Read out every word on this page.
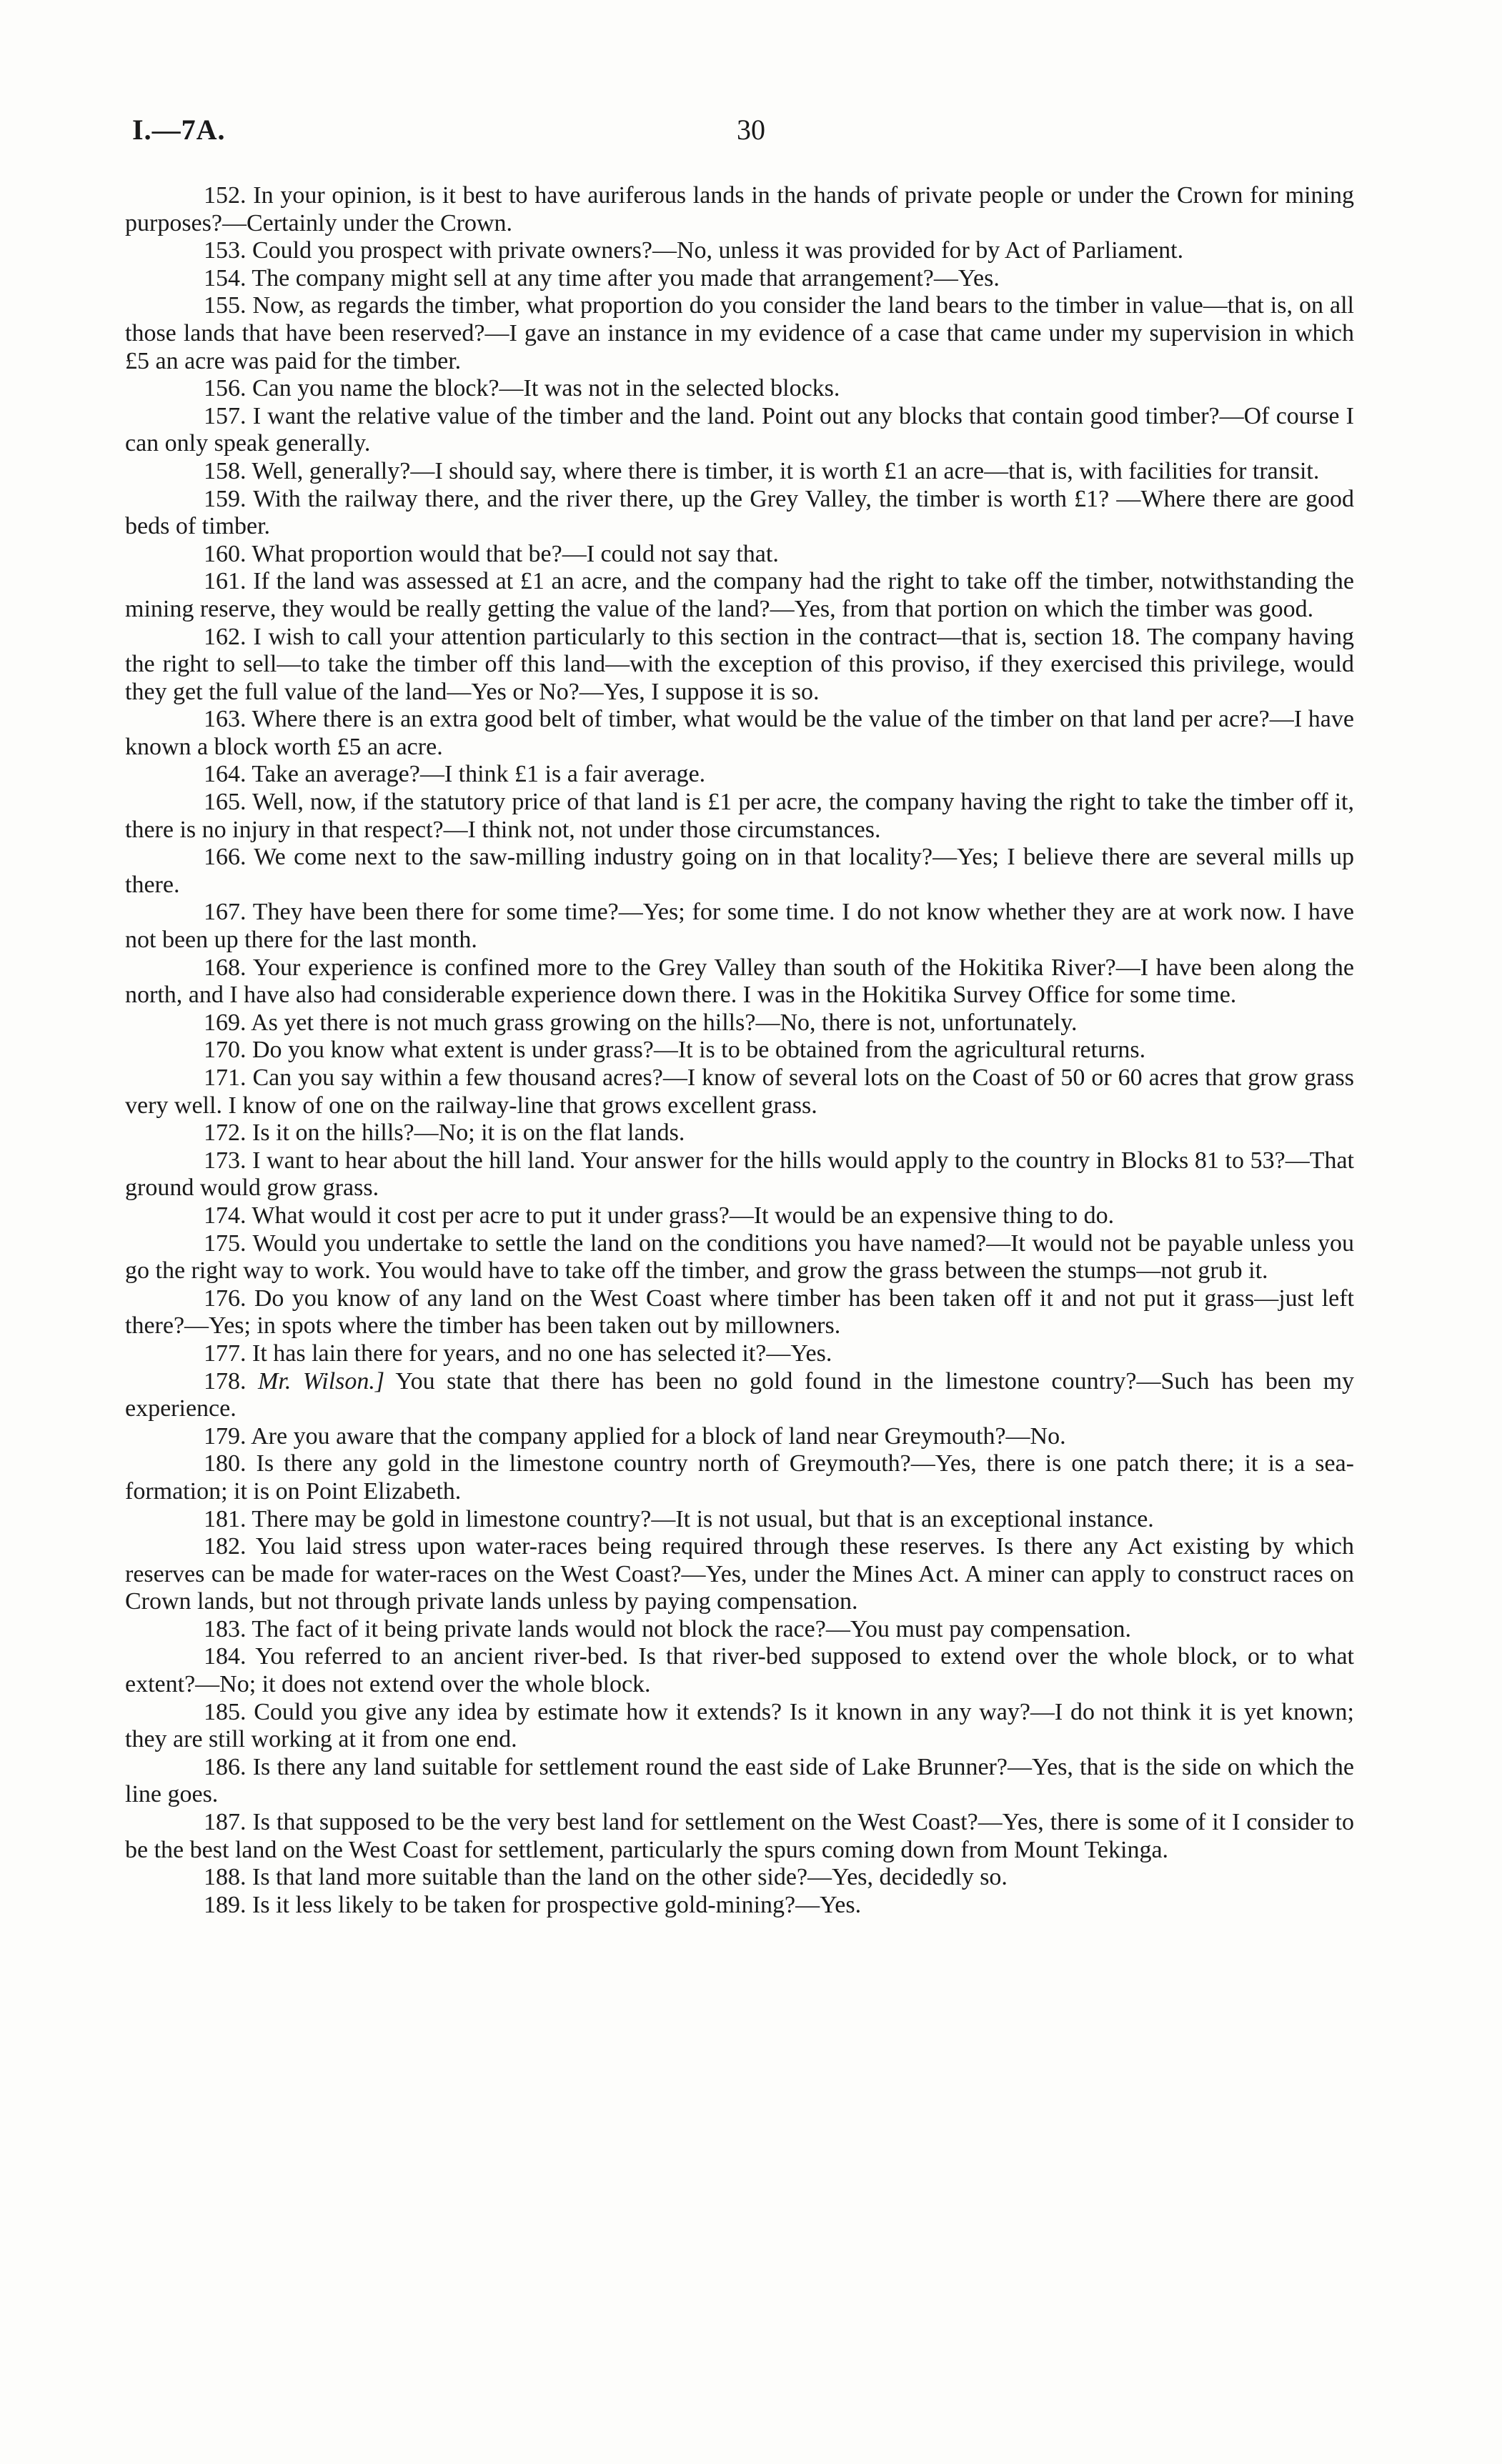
I.—7A.	30

152. In your opinion, is it best to have auriferous lands in the hands of private people or under the Crown for mining purposes?—Certainly under the Crown.

153. Could you prospect with private owners?—No, unless it was provided for by Act of Parliament.

154. The company might sell at any time after you made that arrangement?—Yes.

155. Now, as regards the timber, what proportion do you consider the land bears to the timber in value—that is, on all those lands that have been reserved?—I gave an instance in my evidence of a case that came under my supervision in which £5 an acre was paid for the timber.

156. Can you name the block?—It was not in the selected blocks.

157. I want the relative value of the timber and the land. Point out any blocks that contain good timber?—Of course I can only speak generally.

158. Well, generally?—I should say, where there is timber, it is worth £1 an acre—that is, with facilities for transit.

159. With the railway there, and the river there, up the Grey Valley, the timber is worth £1? —Where there are good beds of timber.

160. What proportion would that be?—I could not say that.

161. If the land was assessed at £1 an acre, and the company had the right to take off the timber, notwithstanding the mining reserve, they would be really getting the value of the land?—Yes, from that portion on which the timber was good.

162. I wish to call your attention particularly to this section in the contract—that is, section 18. The company having the right to sell—to take the timber off this land—with the exception of this proviso, if they exercised this privilege, would they get the full value of the land—Yes or No?—Yes, I suppose it is so.

163. Where there is an extra good belt of timber, what would be the value of the timber on that land per acre?—I have known a block worth £5 an acre.

164. Take an average?—I think £1 is a fair average.

165. Well, now, if the statutory price of that land is £1 per acre, the company having the right to take the timber off it, there is no injury in that respect?—I think not, not under those circumstances.

166. We come next to the saw-milling industry going on in that locality?—Yes; I believe there are several mills up there.

167. They have been there for some time?—Yes; for some time. I do not know whether they are at work now. I have not been up there for the last month.

168. Your experience is confined more to the Grey Valley than south of the Hokitika River?—I have been along the north, and I have also had considerable experience down there. I was in the Hokitika Survey Office for some time.

169. As yet there is not much grass growing on the hills?—No, there is not, unfortunately.

170. Do you know what extent is under grass?—It is to be obtained from the agricultural returns.

171. Can you say within a few thousand acres?—I know of several lots on the Coast of 50 or 60 acres that grow grass very well. I know of one on the railway-line that grows excellent grass.

172. Is it on the hills?—No; it is on the flat lands.

173. I want to hear about the hill land. Your answer for the hills would apply to the country in Blocks 81 to 53?—That ground would grow grass.

174. What would it cost per acre to put it under grass?—It would be an expensive thing to do.

175. Would you undertake to settle the land on the conditions you have named?—It would not be payable unless you go the right way to work. You would have to take off the timber, and grow the grass between the stumps—not grub it.

176. Do you know of any land on the West Coast where timber has been taken off it and not put it grass—just left there?—Yes; in spots where the timber has been taken out by millowners.

177. It has lain there for years, and no one has selected it?—Yes.

178. Mr. Wilson.] You state that there has been no gold found in the limestone country?—Such has been my experience.

179. Are you aware that the company applied for a block of land near Greymouth?—No.

180. Is there any gold in the limestone country north of Greymouth?—Yes, there is one patch there; it is a sea-formation; it is on Point Elizabeth.

181. There may be gold in limestone country?—It is not usual, but that is an exceptional instance.

182. You laid stress upon water-races being required through these reserves. Is there any Act existing by which reserves can be made for water-races on the West Coast?—Yes, under the Mines Act. A miner can apply to construct races on Crown lands, but not through private lands unless by paying compensation.

183. The fact of it being private lands would not block the race?—You must pay compensation.

184. You referred to an ancient river-bed. Is that river-bed supposed to extend over the whole block, or to what extent?—No; it does not extend over the whole block.

185. Could you give any idea by estimate how it extends? Is it known in any way?—I do not think it is yet known; they are still working at it from one end.

186. Is there any land suitable for settlement round the east side of Lake Brunner?—Yes, that is the side on which the line goes.

187. Is that supposed to be the very best land for settlement on the West Coast?—Yes, there is some of it I consider to be the best land on the West Coast for settlement, particularly the spurs coming down from Mount Tekinga.

188. Is that land more suitable than the land on the other side?—Yes, decidedly so.

189. Is it less likely to be taken for prospective gold-mining?—Yes.
